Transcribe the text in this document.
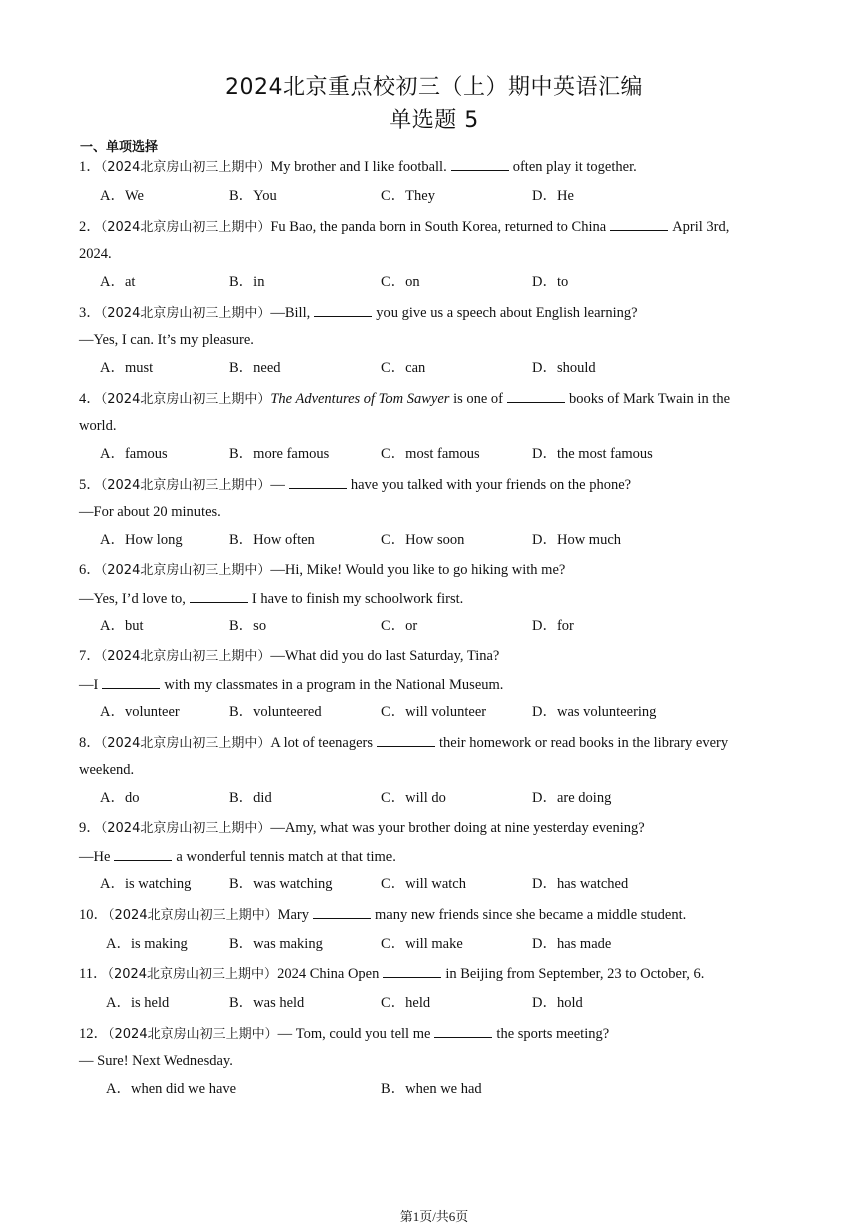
2024北京重点校初三（上）期中英语汇编
单选题 5
一、单项选择
1．（2024北京房山初三上期中）My brother and I like football.	often play it together.
A．We	B．You	C．They	D．He
2．（2024北京房山初三上期中）Fu Bao, the panda born in South Korea, returned to China	April 3rd,
2024.
A．at	B．in	C．on	D．to
3．（2024北京房山初三上期中）—Bill,	you give us a speech about English learning?
—Yes, I can. It’s my pleasure.
A．must	B．need	C．can	D．should
4．（2024北京房山初三上期中）The Adventures of Tom Sawyer is one of	books of Mark Twain in the
world.
A．famous	B．more famous	C．most famous	D．the most famous
5．（2024北京房山初三上期中）—	have you talked with your friends on the phone?
—For about 20 minutes.
A．How long	B．How often	C．How soon	D．How much
6．（2024北京房山初三上期中）—Hi, Mike! Would you like to go hiking with me?
—Yes, I’d love to,	I have to finish my schoolwork first.
A．but	B．so	C．or	D．for
7．（2024北京房山初三上期中）—What did you do last Saturday, Tina?
—I	with my classmates in a program in the National Museum.
A．volunteer	B．volunteered	C．will volunteer	D．was volunteering
8．（2024北京房山初三上期中）A lot of teenagers	their homework or read books in the library every
weekend.
A．do	B．did	C．will do	D．are doing
9．（2024北京房山初三上期中）—Amy, what was your brother doing at nine yesterday evening?
—He	a wonderful tennis match at that time.
A．is watching	B．was watching	C．will watch	D．has watched
10．（2024北京房山初三上期中）Mary	many new friends since she became a middle student.
A．is making	B．was making	C．will make	D．has made
11．（2024北京房山初三上期中）2024 China Open	in Beijing from September, 23 to October, 6.
A．is held	B．was held	C．held	D．hold
12．（2024北京房山初三上期中）— Tom, could you tell me	the sports meeting?
— Sure! Next Wednesday.
A．when did we have	B．when we had
第1页/共6页
